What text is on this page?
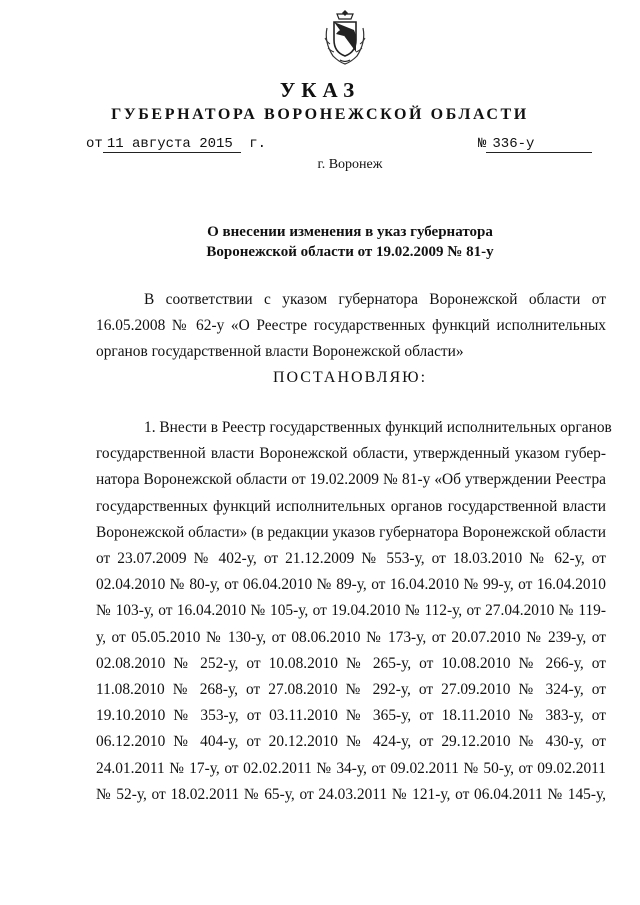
УКАЗ
ГУБЕРНАТОРА ВОРОНЕЖСКОЙ ОБЛАСТИ
от 11 августа 2015 г.	№ 336-у
г. Воронеж
О внесении изменения в указ губернатора
Воронежской области от 19.02.2009 № 81-у
В соответствии с указом губернатора Воронежской области от
16.05.2008 № 62-у «О Реестре государственных функций исполнительных
органов государственной власти Воронежской области»
ПОСТАНОВЛЯЮ:
1. Внести в Реестр государственных функций исполнительных органов
государственной власти Воронежской области, утвержденный указом губер-
натора Воронежской области от 19.02.2009 № 81-у «Об утверждении Реестра
государственных функций исполнительных органов государственной власти
Воронежской области» (в редакции указов губернатора Воронежской области
от 23.07.2009 № 402-у, от 21.12.2009 № 553-у, от 18.03.2010 № 62-у, от
02.04.2010 № 80-у, от 06.04.2010 № 89-у, от 16.04.2010 № 99-у, от 16.04.2010
№ 103-у, от 16.04.2010 № 105-у, от 19.04.2010 № 112-у, от 27.04.2010 № 119-
у, от 05.05.2010 № 130-у, от 08.06.2010 № 173-у, от 20.07.2010 № 239-у, от
02.08.2010 № 252-у, от 10.08.2010 № 265-у, от 10.08.2010 № 266-у, от
11.08.2010 № 268-у, от 27.08.2010 № 292-у, от 27.09.2010 № 324-у, от
19.10.2010 № 353-у, от 03.11.2010 № 365-у, от 18.11.2010 № 383-у, от
06.12.2010 № 404-у, от 20.12.2010 № 424-у, от 29.12.2010 № 430-у, от
24.01.2011 № 17-у, от 02.02.2011 № 34-у, от 09.02.2011 № 50-у, от 09.02.2011
№ 52-у, от 18.02.2011 № 65-у, от 24.03.2011 № 121-у, от 06.04.2011 № 145-у,
